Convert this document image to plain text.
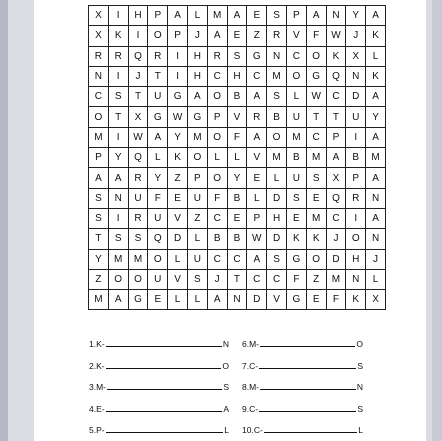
X	I	H	P	A	L	M	A	E	S	P	A	N	Y	A
X	K	I	O	P	J	A	E	Z	R	V	F	W	J	K
R	R	Q	R	I	H	R	S	G	N	C	O	K	X	L
N	I	J	T	I	H	C	H	C	M	O	G	Q	N	K
C	S	T	U	G	A	O	B	A	S	L	W	C	D	A
O	T	X	G	W	G	P	V	R	B	U	T	T	U	Y
M	I	W	A	Y	M	O	F	A	O	M	C	P	I	A
P	Y	Q	L	K	O	L	L	V	M	B	M	A	B	M
A	A	R	Y	Z	P	O	Y	E	L	U	S	X	P	A
S	N	U	F	E	U	F	B	L	D	S	E	Q	R	N
S	I	R	U	V	Z	C	E	P	H	E	M	C	I	A
T	S	S	Q	D	L	B	B	W	D	K	K	J	O	N
Y	M	M	O	L	U	C	C	A	S	G	O	D	H	J
Z	O	O	U	V	S	J	T	C	C	F	Z	M	N	L
M	A	G	E	L	L	A	N	D	V	G	E	F	K	X
1.K-	N
2.K-	O
3.M-	S
4.E-	A
5.P-	L
6.M-	O
7.C-	S
8.M-	N
9.C-	S
10.C-	L
